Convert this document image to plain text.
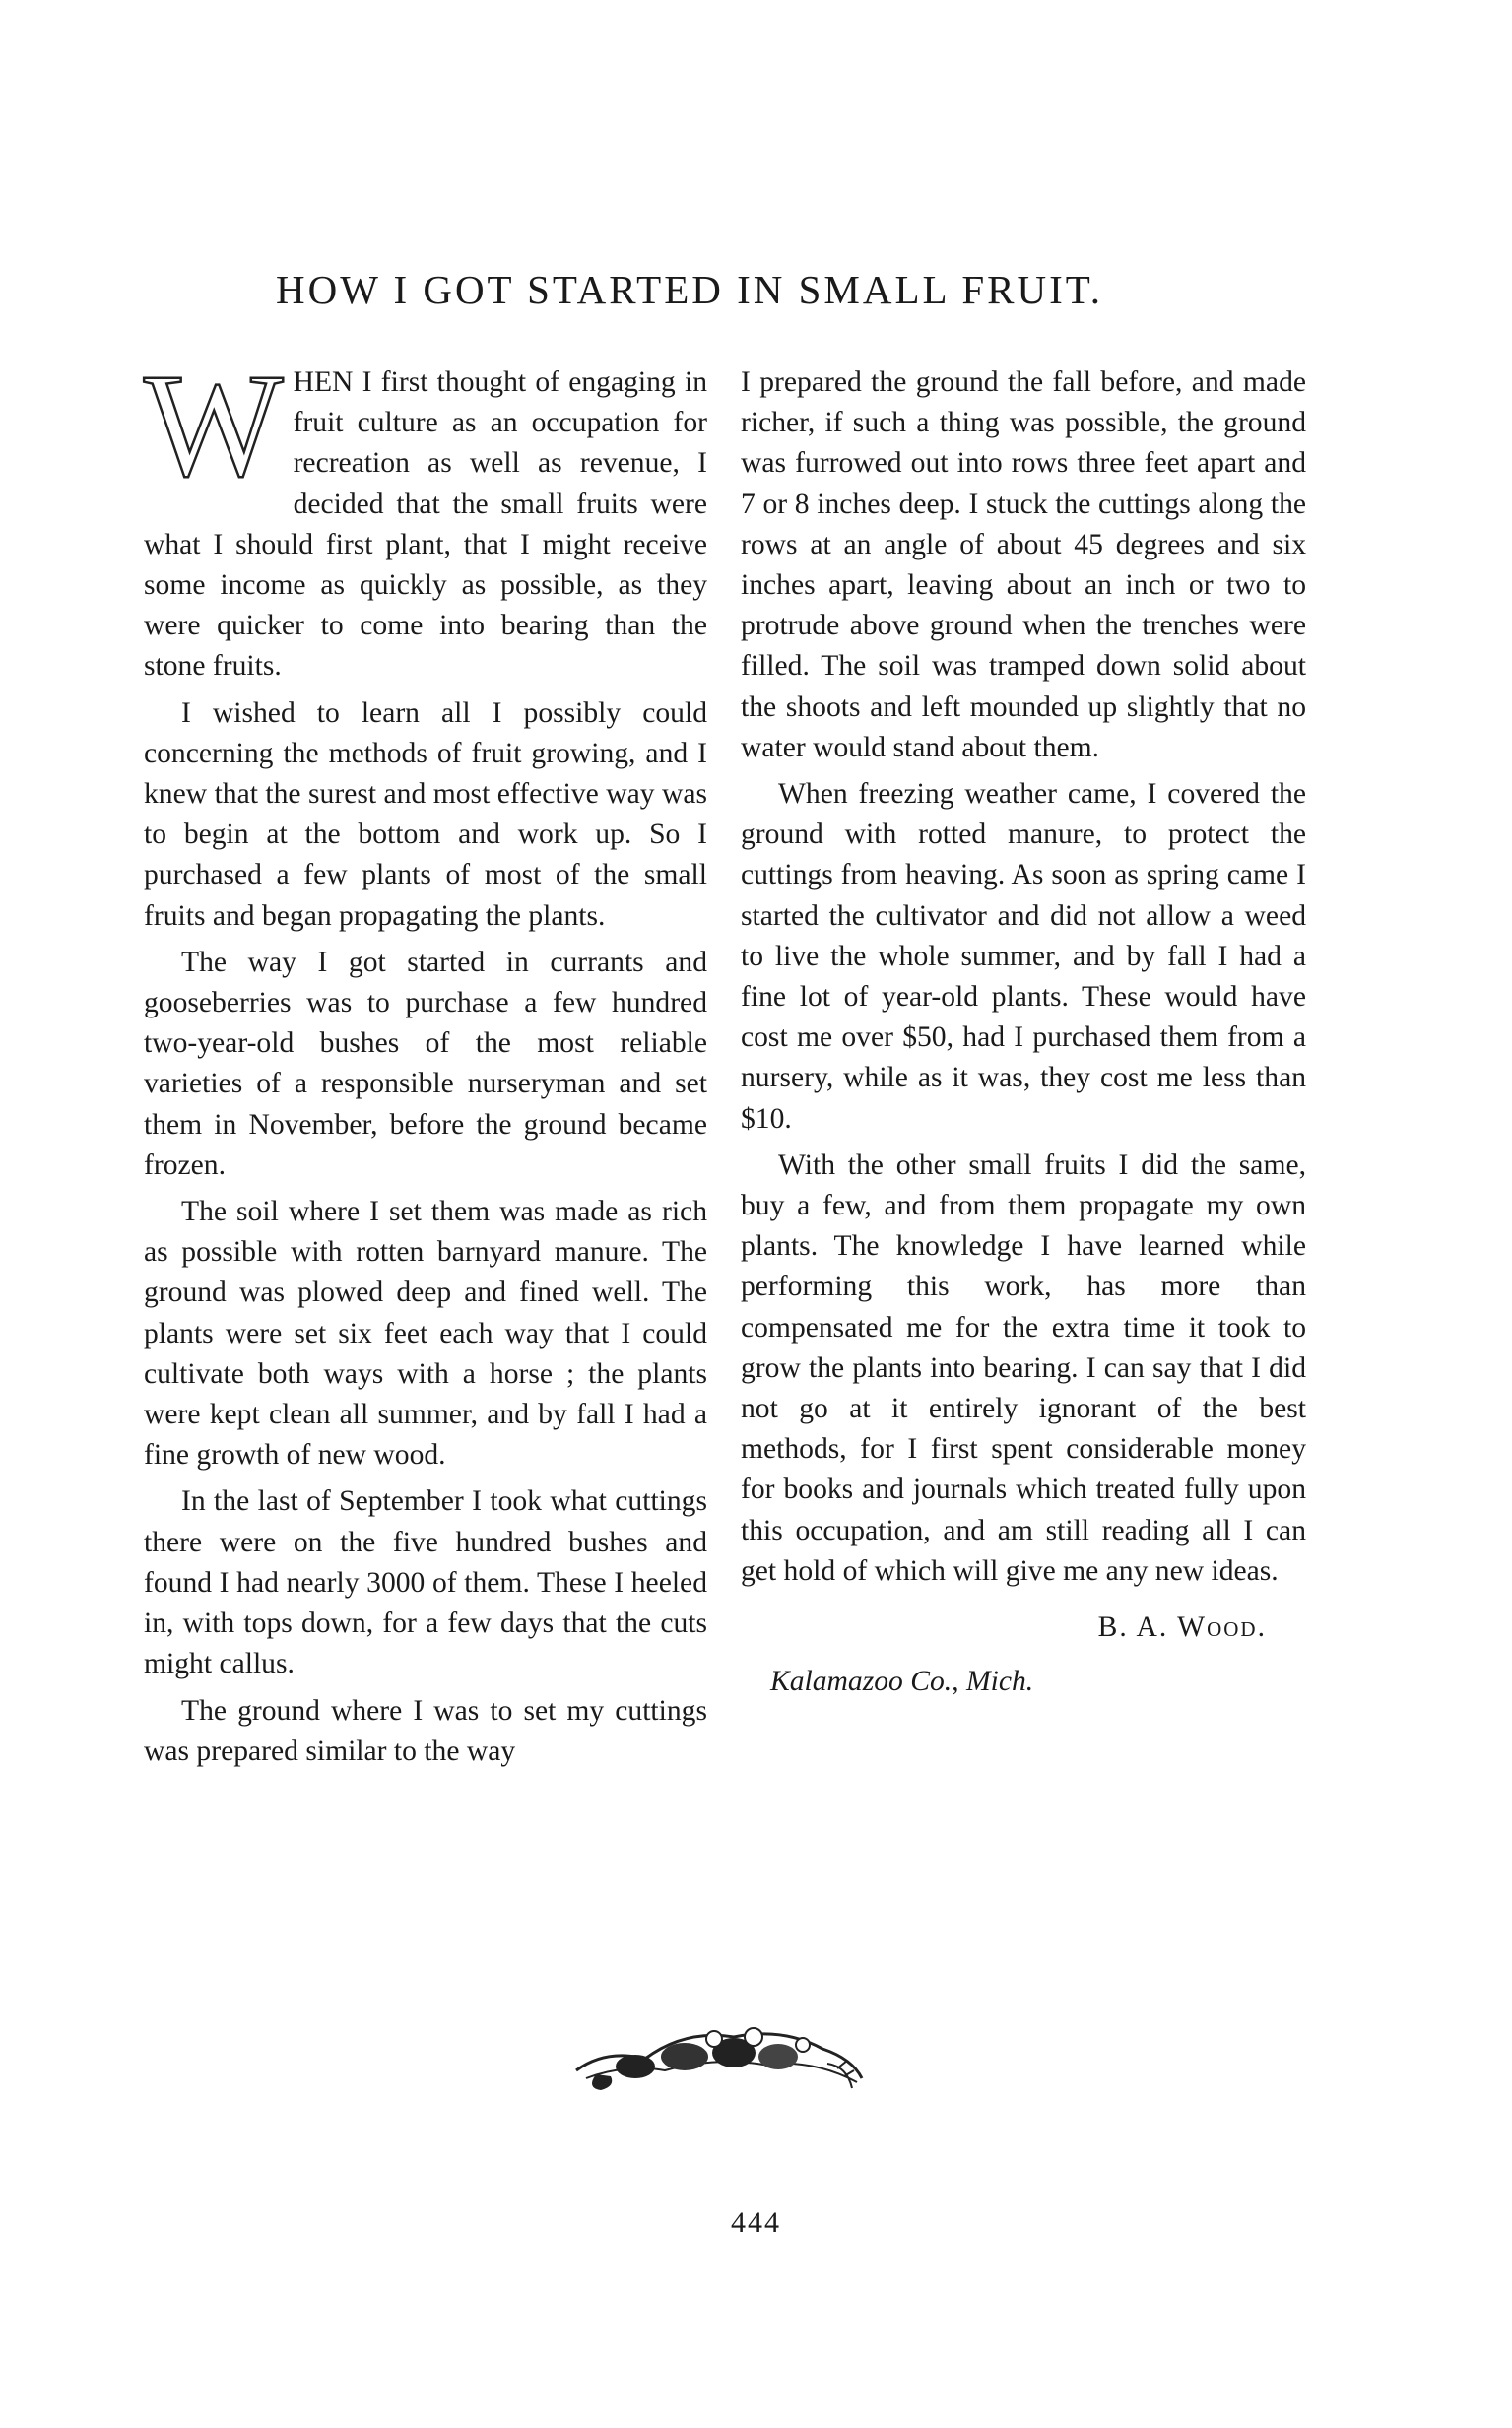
HOW I GOT STARTED IN SMALL FRUIT.

WHEN I first thought of engaging in fruit culture as an occupation for recreation as well as revenue, I decided that the small fruits were what I should first plant, that I might receive some income as quickly as possible, as they were quicker to come into bearing than the stone fruits.

I wished to learn all I possibly could concerning the methods of fruit growing, and I knew that the surest and most effective way was to begin at the bottom and work up. So I purchased a few plants of most of the small fruits and began propagating the plants.

The way I got started in currants and gooseberries was to purchase a few hundred two-year-old bushes of the most reliable varieties of a responsible nurseryman and set them in November, before the ground became frozen.

The soil where I set them was made as rich as possible with rotten barnyard manure. The ground was plowed deep and fined well. The plants were set six feet each way that I could cultivate both ways with a horse ; the plants were kept clean all summer, and by fall I had a fine growth of new wood.

In the last of September I took what cuttings there were on the five hundred bushes and found I had nearly 3000 of them. These I heeled in, with tops down, for a few days that the cuts might callus.

The ground where I was to set my cuttings was prepared similar to the way

I prepared the ground the fall before, and made richer, if such a thing was possible, the ground was furrowed out into rows three feet apart and 7 or 8 inches deep. I stuck the cuttings along the rows at an angle of about 45 degrees and six inches apart, leaving about an inch or two to protrude above ground when the trenches were filled. The soil was tramped down solid about the shoots and left mounded up slightly that no water would stand about them.

When freezing weather came, I covered the ground with rotted manure, to protect the cuttings from heaving. As soon as spring came I started the cultivator and did not allow a weed to live the whole summer, and by fall I had a fine lot of year-old plants. These would have cost me over $50, had I purchased them from a nursery, while as it was, they cost me less than $10.

With the other small fruits I did the same, buy a few, and from them propagate my own plants. The knowledge I have learned while performing this work, has more than compensated me for the extra time it took to grow the plants into bearing. I can say that I did not go at it entirely ignorant of the best methods, for I first spent considerable money for books and journals which treated fully upon this occupation, and am still reading all I can get hold of which will give me any new ideas.

B. A. Wood.
Kalamazoo Co., Mich.
444
